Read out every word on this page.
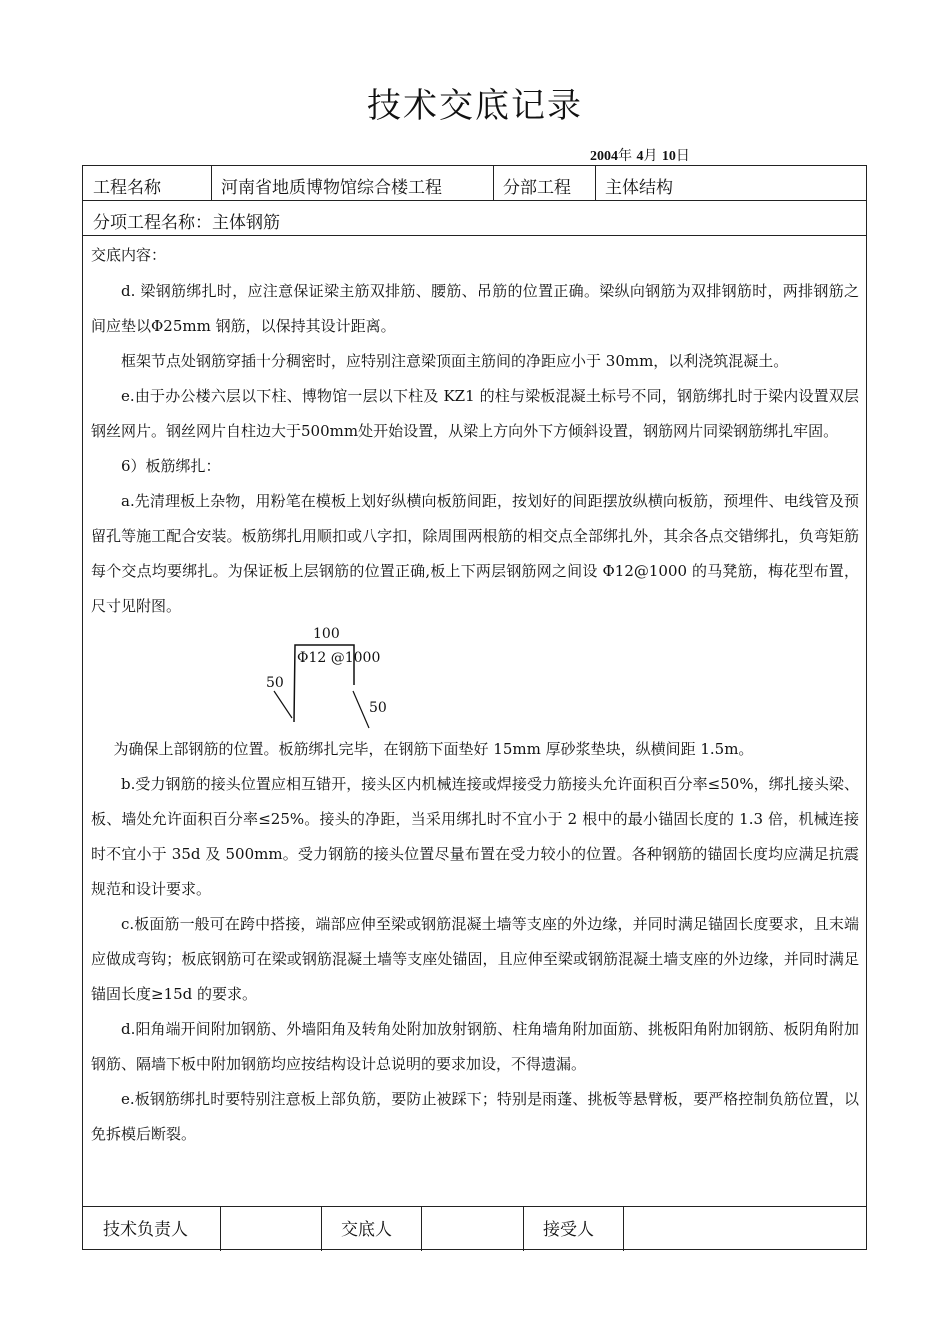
技术交底记录
2004年 4月 10日
工程名称	河南省地质博物馆综合楼工程	分部工程 主体结构
分项工程名称：主体钢筋

交底内容：

d. 梁钢筋绑扎时，应注意保证梁主筋双排筋、腰筋、吊筋的位置正确。梁纵向钢筋为双排钢筋时，两排钢筋之间应垫以Φ25mm 钢筋，以保持其设计距离。

框架节点处钢筋穿插十分稠密时，应特别注意梁顶面主筋间的净距应小于 30mm，以利浇筑混凝土。

e.由于办公楼六层以下柱、博物馆一层以下柱及 KZ1 的柱与梁板混凝土标号不同，钢筋绑扎时于梁内设置双层钢丝网片。钢丝网片自柱边大于500mm处开始设置，从梁上方向外下方倾斜设置，钢筋网片同梁钢筋绑扎牢固。

6）板筋绑扎：

a.先清理板上杂物，用粉笔在模板上划好纵横向板筋间距，按划好的间距摆放纵横向板筋，预埋件、电线管及预留孔等施工配合安装。板筋绑扎用顺扣或八字扣，除周围两根筋的相交点全部绑扎外，其余各点交错绑扎，负弯矩筋每个交点均要绑扎。为保证板上层钢筋的位置正确,板上下两层钢筋网之间设 Φ12@1000 的马凳筋，梅花型布置，尺寸见附图。

100
Φ12 @1000
50
50

为确保上部钢筋的位置。板筋绑扎完毕，在钢筋下面垫好 15mm 厚砂浆垫块，纵横间距 1.5m。

b.受力钢筋的接头位置应相互错开，接头区内机械连接或焊接受力筋接头允许面积百分率≤50%，绑扎接头梁、板、墙处允许面积百分率≤25%。接头的净距，当采用绑扎时不宜小于 2 根中的最小锚固长度的 1.3 倍，机械连接时不宜小于 35d 及 500mm。受力钢筋的接头位置尽量布置在受力较小的位置。各种钢筋的锚固长度均应满足抗震规范和设计要求。

c.板面筋一般可在跨中搭接，端部应伸至梁或钢筋混凝土墙等支座的外边缘，并同时满足锚固长度要求，且末端应做成弯钩；板底钢筋可在梁或钢筋混凝土墙等支座处锚固，且应伸至梁或钢筋混凝土墙支座的外边缘，并同时满足锚固长度≥15d 的要求。

d.阳角端开间附加钢筋、外墙阳角及转角处附加放射钢筋、柱角墙角附加面筋、挑板阳角附加钢筋、板阴角附加钢筋、隔墙下板中附加钢筋均应按结构设计总说明的要求加设，不得遗漏。

e.板钢筋绑扎时要特别注意板上部负筋，要防止被踩下；特别是雨蓬、挑板等悬臂板，要严格控制负筋位置，以免拆模后断裂。

技术负责人	交底人	接受人
